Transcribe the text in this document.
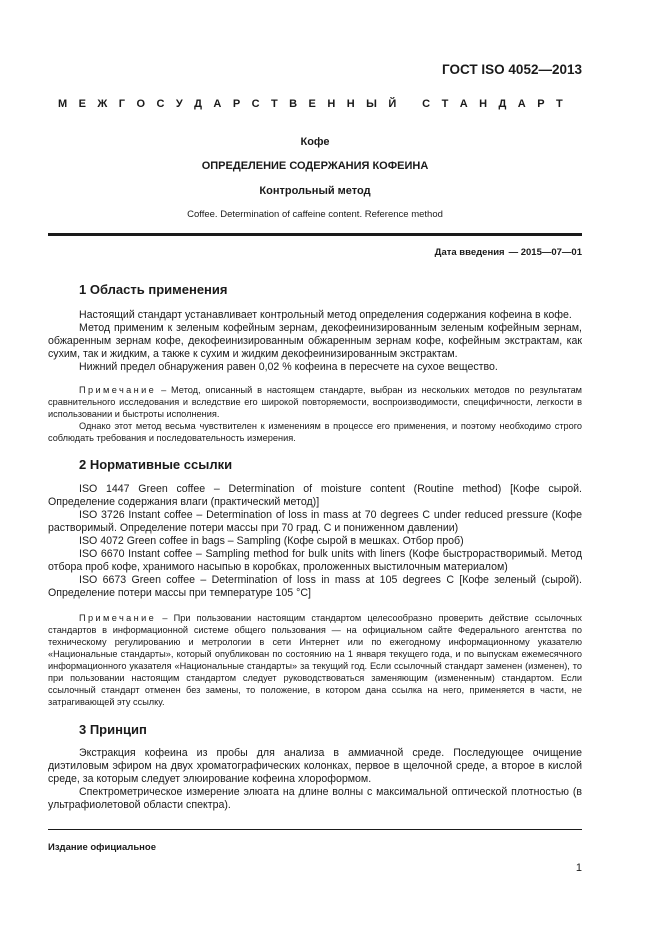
ГОСТ ISO 4052—2013
М Е Ж Г О С У Д А Р С Т В Е Н Н Ы Й
С Т А Н Д А Р Т
Кофе
ОПРЕДЕЛЕНИЕ СОДЕРЖАНИЯ КОФЕИНА
Контрольный метод
Coffee. Determination of caffeine content. Reference method
Дата введения — 2015—07—01
1 Область применения

Настоящий стандарт устанавливает контрольный метод определения содержания кофеина в кофе.

Метод применим к зеленым кофейным зернам, декофеинизированным зеленым кофейным зернам, обжаренным зернам кофе, декофеинизированным обжаренным зернам кофе, кофейным экстрактам, как сухим, так и жидким, а также к сухим и жидким декофеинизированным экстрактам.

Нижний предел обнаружения равен 0,02 % кофеина в пересчете на сухое вещество.

Примечание – Метод, описанный в настоящем стандарте, выбран из нескольких методов по результатам сравнительного исследования и вследствие его широкой повторяемости, воспроизводимости, специфичности, легкости в использовании и быстроты исполнения.

Однако этот метод весьма чувствителен к изменениям в процессе его применения, и поэтому необходимо строго соблюдать требования и последовательность измерения.

2 Нормативные ссылки

ISO 1447 Green coffee – Determination of moisture content (Routine method) [Кофе сырой. Определение содержания влаги (практический метод)]

ISO 3726 Instant coffee – Determination of loss in mass at 70 degrees C under reduced pressure (Кофе растворимый. Определение потери массы при 70 град. С и пониженном давлении)

ISO 4072 Green coffee in bags – Sampling (Кофе сырой в мешках. Отбор проб)

ISO 6670 Instant coffee – Sampling method for bulk units with liners (Кофе быстрорастворимый. Метод отбора проб кофе, хранимого насыпью в коробках, проложенных выстилочным материалом)

ISO 6673 Green coffee – Determination of loss in mass at 105 degrees C [Кофе зеленый (сырой). Определение потери массы при температуре 105 °C]

Примечание – При пользовании настоящим стандартом целесообразно проверить действие ссылочных стандартов в информационной системе общего пользования — на официальном сайте Федерального агентства по техническому регулированию и метрологии в сети Интернет или по ежегодному информационному указателю «Национальные стандарты», который опубликован по состоянию на 1 января текущего года, и по выпускам ежемесячного информационного указателя «Национальные стандарты» за текущий год. Если ссылочный стандарт заменен (изменен), то при пользовании настоящим стандартом следует руководствоваться заменяющим (измененным) стандартом. Если ссылочный стандарт отменен без замены, то положение, в котором дана ссылка на него, применяется в части, не затрагивающей эту ссылку.

3 Принцип

Экстракция кофеина из пробы для анализа в аммиачной среде. Последующее очищение диэтиловым эфиром на двух хроматографических колонках, первое в щелочной среде, а второе в кислой среде, за которым следует элюирование кофеина хлороформом.

Спектрометрическое измерение элюата на длине волны с максимальной оптической плотностью (в ультрафиолетовой области спектра).

Издание официальное
1
